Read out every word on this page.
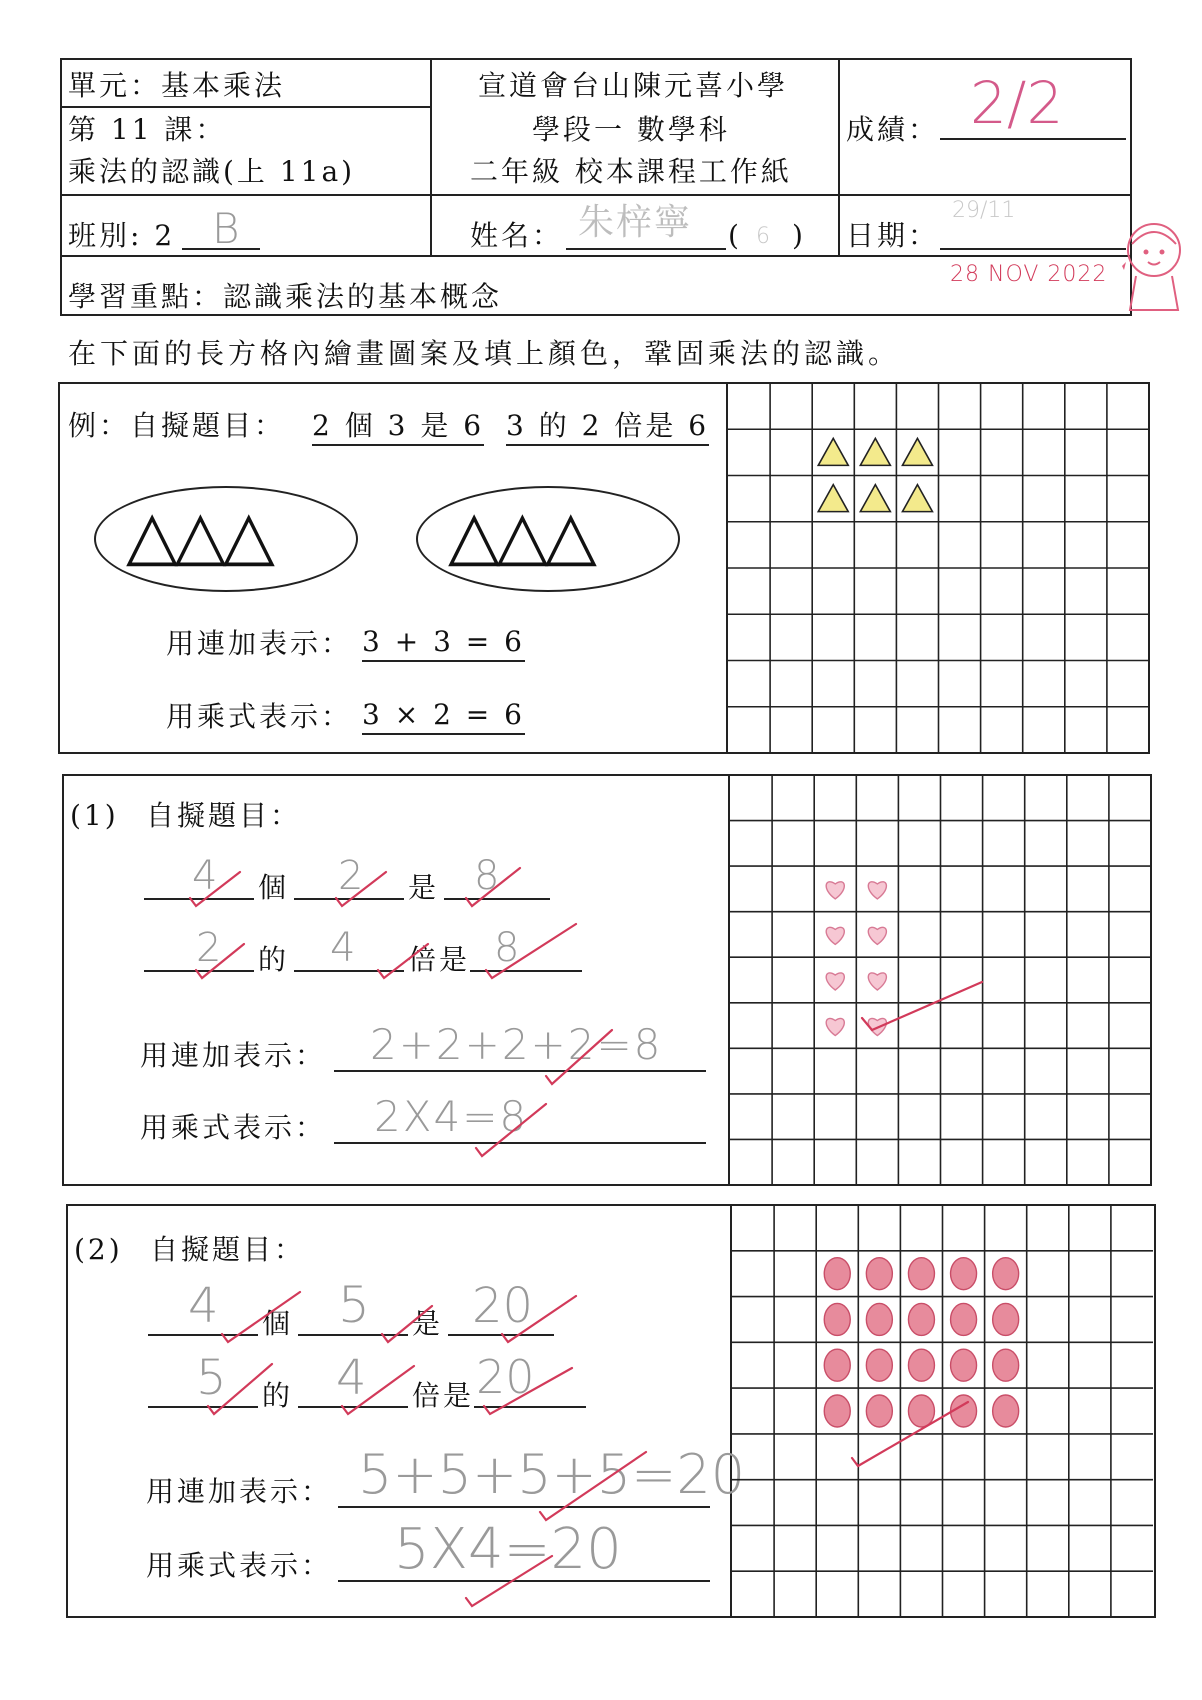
單元：基本乘法
第 11 課：
乘法的認識(上 11a)
宣道會台山陳元喜小學
學段一 數學科
二年級 校本課程工作紙
成績： 2/2
班別: 2 B	姓名： 朱梓寧 ( 6 ) 日期：
29/11
28 NOV 2022
學習重點：認識乘法的基本概念
在下面的長方格內繪畫圖案及填上顏色，鞏固乘法的認識。
例：自擬題目： 2 個 3 是 6 3 的 2 倍是 6
△△△	△△△
用連加表示： 3 + 3 = 6
用乘式表示： 3 × 2 = 6
(1) 自擬題目：
4 個 2 是 8
2 的 4 倍是 8
用連加表示： 2+2+2+2=8
用乘式表示： 2X4=8
(2) 自擬題目：
4 個 5 是 20
5 的 4 倍是 20
用連加表示： 5+5+5+5=20
用乘式表示： 5X4=20
